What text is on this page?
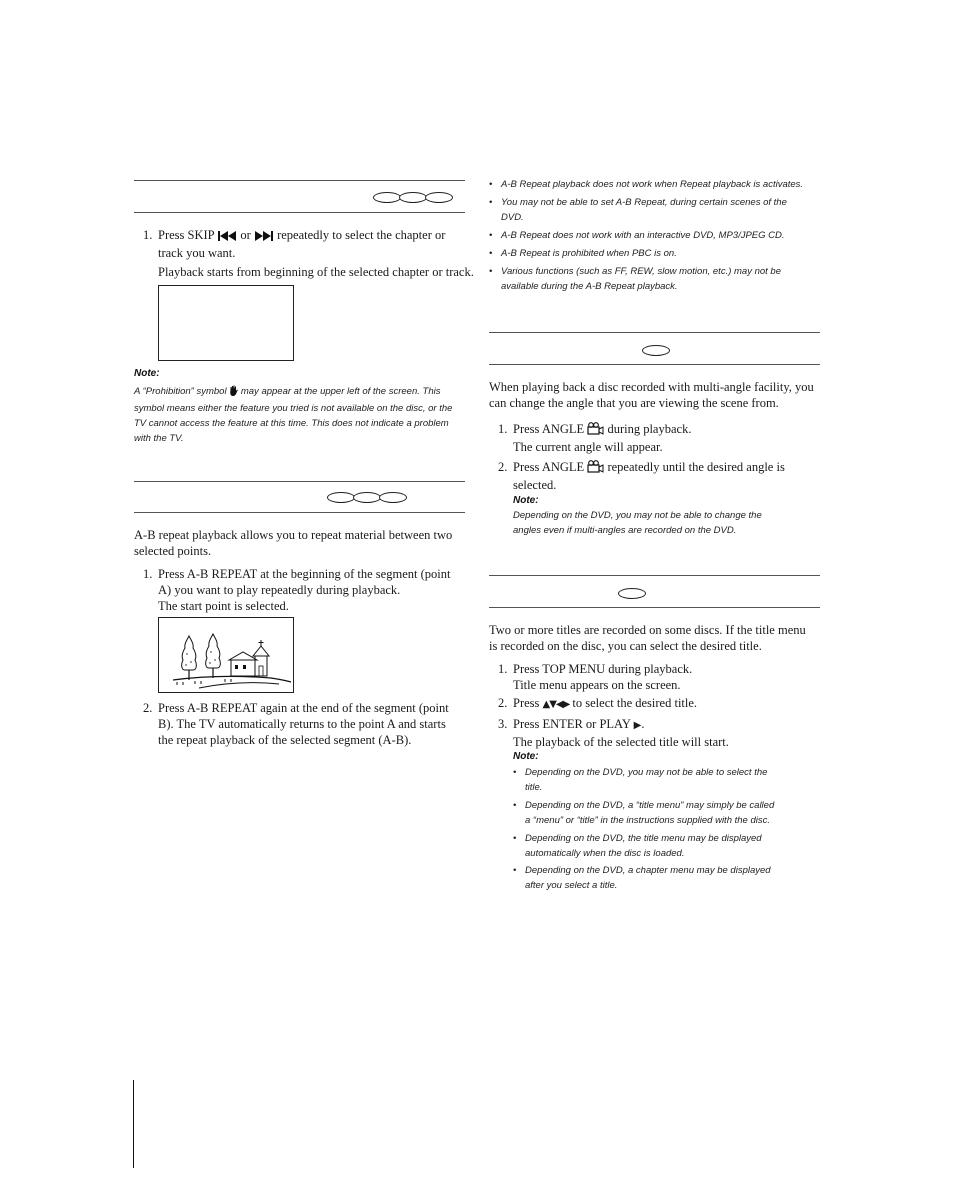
1. Press SKIP or repeatedly to select the chapter or
track you want.
Playback starts from beginning of the selected chapter or track.
Note:
A “Prohibition” symbol may appear at the upper left of the screen. This
symbol means either the feature you tried is not available on the disc, or the
TV cannot access the feature at this time. This does not indicate a problem
with the TV.
A-B repeat playback allows you to repeat material between two
selected points.
1. Press A-B REPEAT at the beginning of the segment (point
A) you want to play repeatedly during playback.
The start point is selected.
2. Press A-B REPEAT again at the end of the segment (point
B). The TV automatically returns to the point A and starts
the repeat playback of the selected segment (A-B).
• A-B Repeat playback does not work when Repeat playback is activates.
• You may not be able to set A-B Repeat, during certain scenes of the
DVD.
• A-B Repeat does not work with an interactive DVD, MP3/JPEG CD.
• A-B Repeat is prohibited when PBC is on.
• Various functions (such as FF, REW, slow motion, etc.) may not be
available during the A-B Repeat playback.
When playing back a disc recorded with multi-angle facility, you
can change the angle that you are viewing the scene from.
1. Press ANGLE during playback.
The current angle will appear.
2. Press ANGLE repeatedly until the desired angle is
selected.
Note:
Depending on the DVD, you may not be able to change the
angles even if multi-angles are recorded on the DVD.
Two or more titles are recorded on some discs. If the title menu
is recorded on the disc, you can select the desired title.
1. Press TOP MENU during playback.
Title menu appears on the screen.
2. Press ▲▼◀▶ to select the desired title.
3. Press ENTER or PLAY ▶.
The playback of the selected title will start.
Note:
• Depending on the DVD, you may not be able to select the
title.
• Depending on the DVD, a “title menu” may simply be called
a “menu” or “title” in the instructions supplied with the disc.
• Depending on the DVD, the title menu may be displayed
automatically when the disc is loaded.
• Depending on the DVD, a chapter menu may be displayed
after you select a title.
